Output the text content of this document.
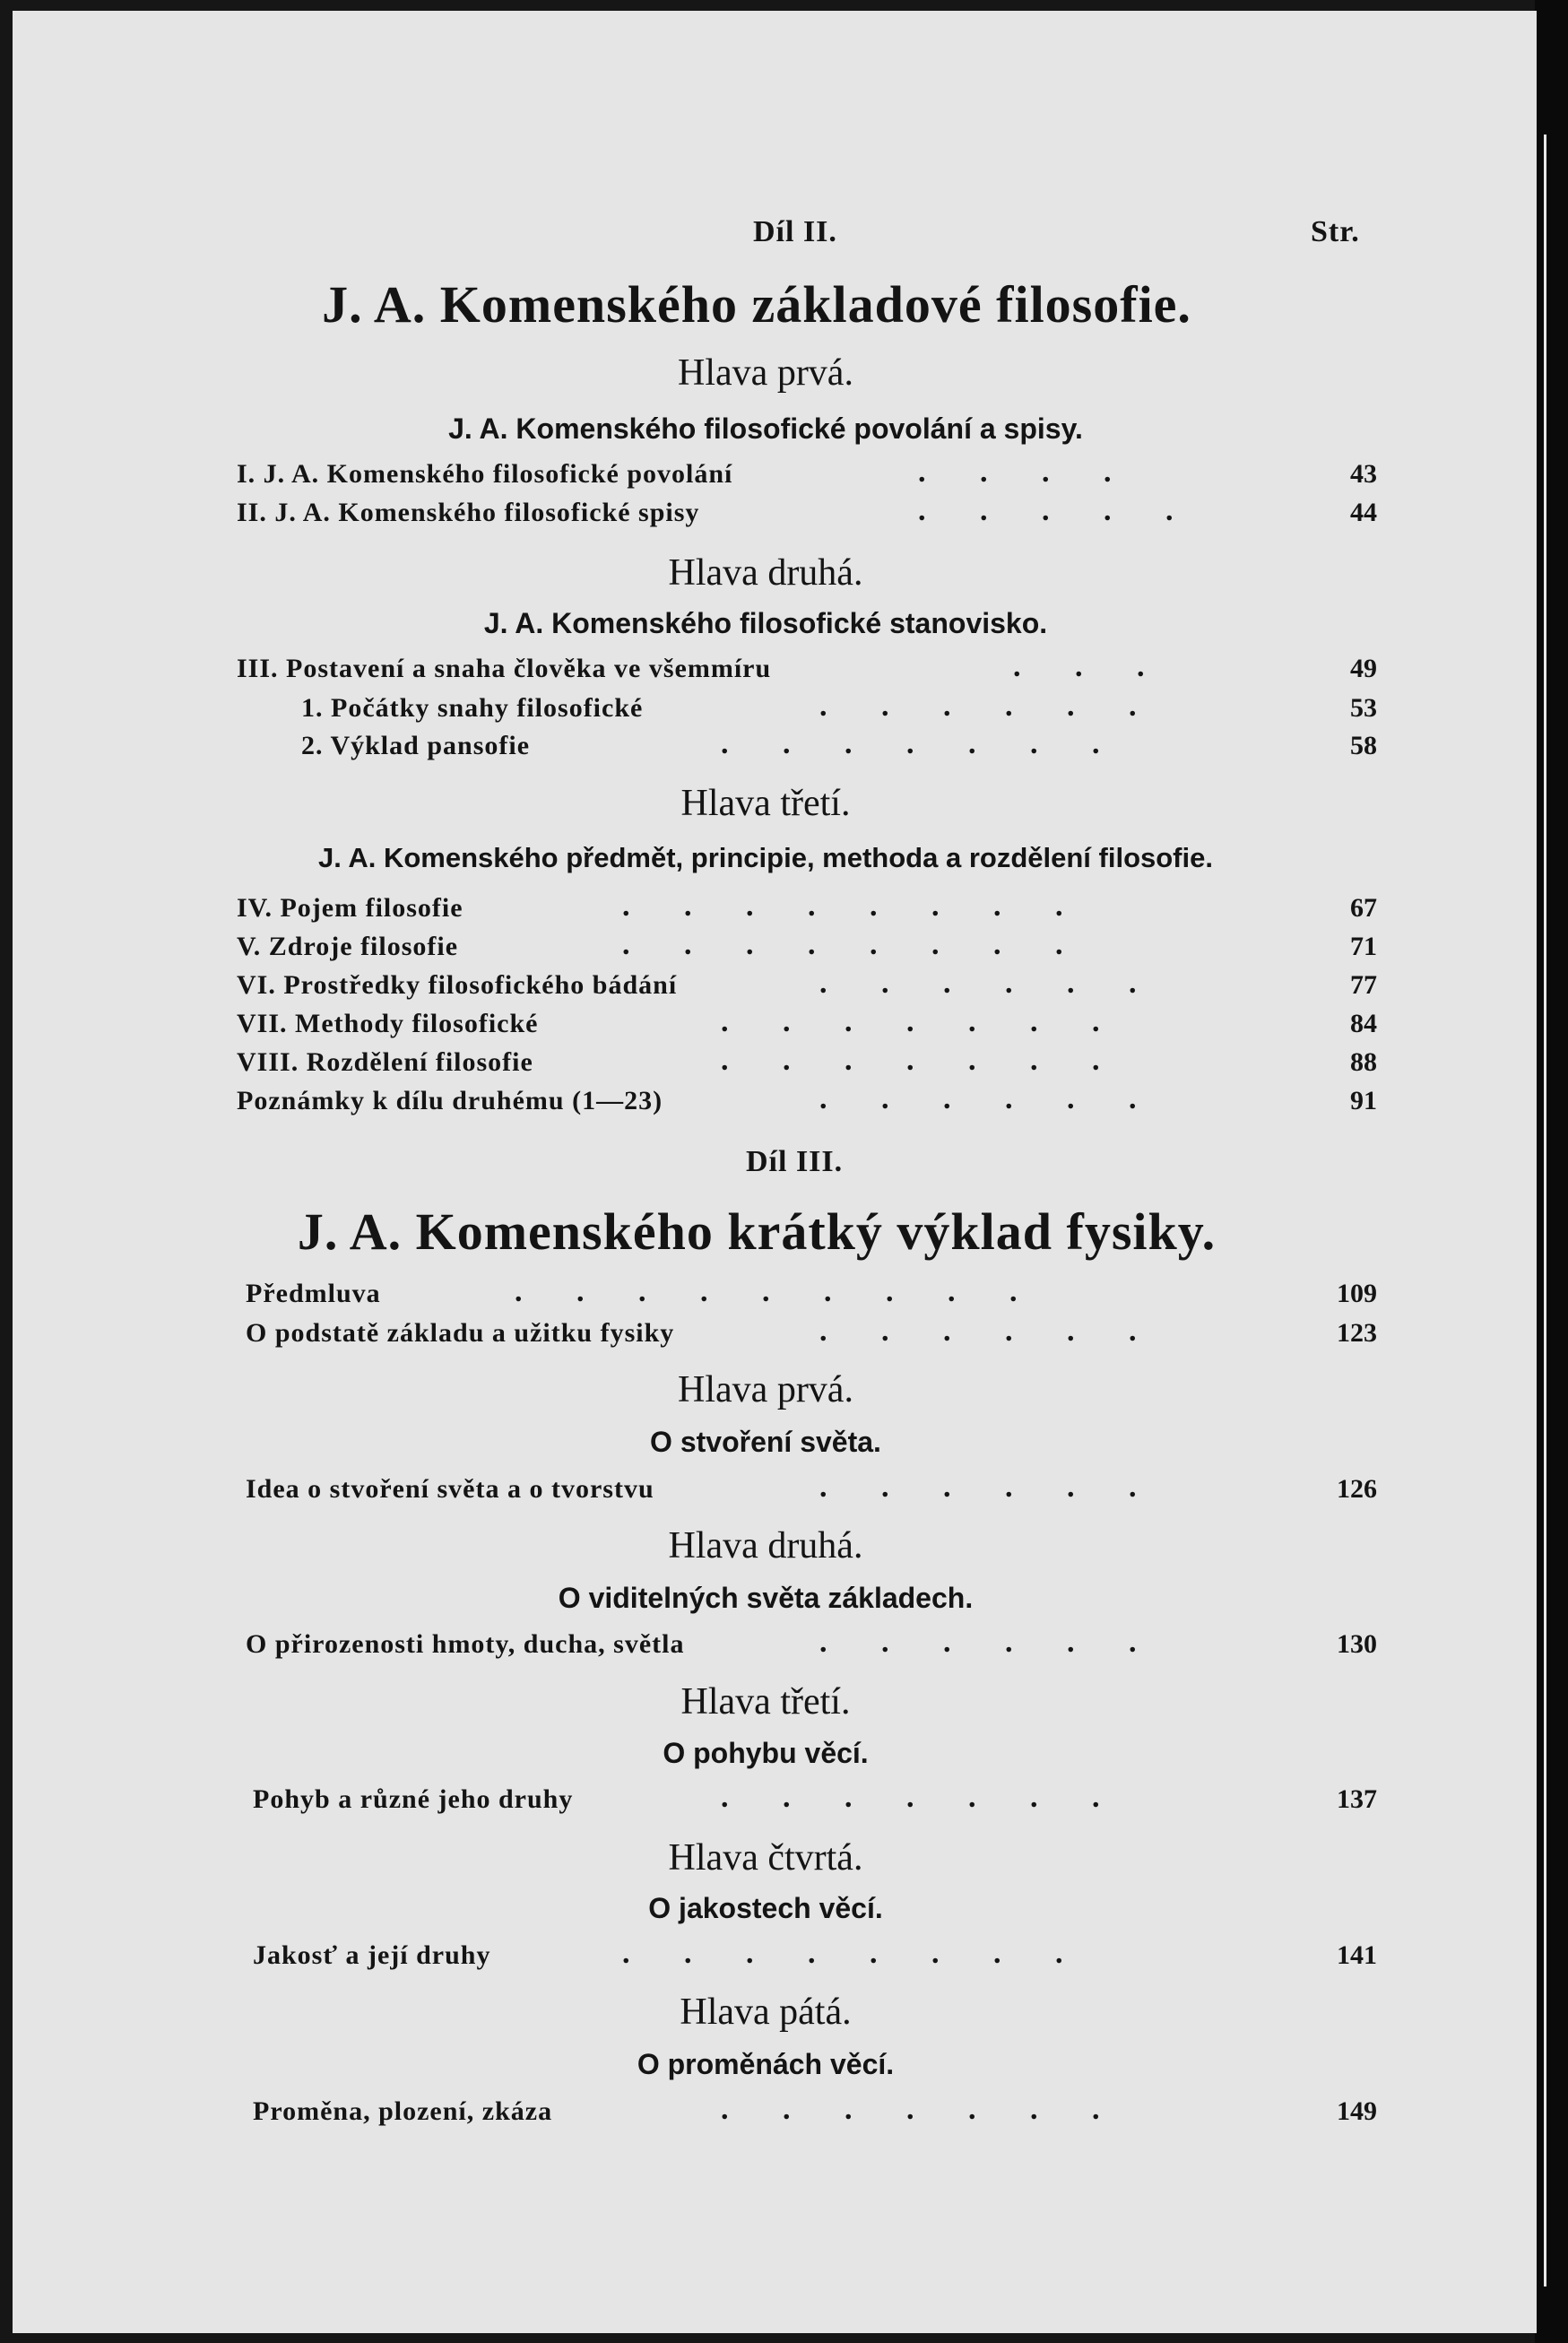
Díl II.	Str.
J. A. Komenského základové filosofie.
Hlava prvá.
J. A. Komenského filosofické povolání a spisy.
I. J. A. Komenského filosofické povolání	. . . .	43
II. J. A. Komenského filosofické spisy	. . . . .	44
Hlava druhá.
J. A. Komenského filosofické stanovisko.
III. Postavení a snaha člověka ve všemmíru	. . .	49
1. Počátky snahy filosofické	. . . . . .	53
2. Výklad pansofie	. . . . . . .	58
Hlava třetí.
J. A. Komenského předmět, principie, methoda a rozdělení filosofie.
IV. Pojem filosofie	. . . . . . . .	67
V. Zdroje filosofie	. . . . . . . .	71
VI. Prostředky filosofického bádání	. . . . . .	77
VII. Methody filosofické	. . . . . . .	84
VIII. Rozdělení filosofie	. . . . . . .	88
Poznámky k dílu druhému (1—23)	. . . . . .	91
Díl III.
J. A. Komenského krátký výklad fysiky.
Předmluva	. . . . . . . . .	109
O podstatě základu a užitku fysiky	. . . . . .	123
Hlava prvá.
O stvoření světa.
Idea o stvoření světa a o tvorstvu	. . . . . .	126
Hlava druhá.
O viditelných světa základech.
O přirozenosti hmoty, ducha, světla	. . . . . .	130
Hlava třetí.
O pohybu věcí.
Pohyb a různé jeho druhy	. . . . . . .	137
Hlava čtvrtá.
O jakostech věcí.
Jakosť a její druhy	. . . . . . . .	141
Hlava pátá.
O proměnách věcí.
Proměna, plození, zkáza	. . . . . . .	149
